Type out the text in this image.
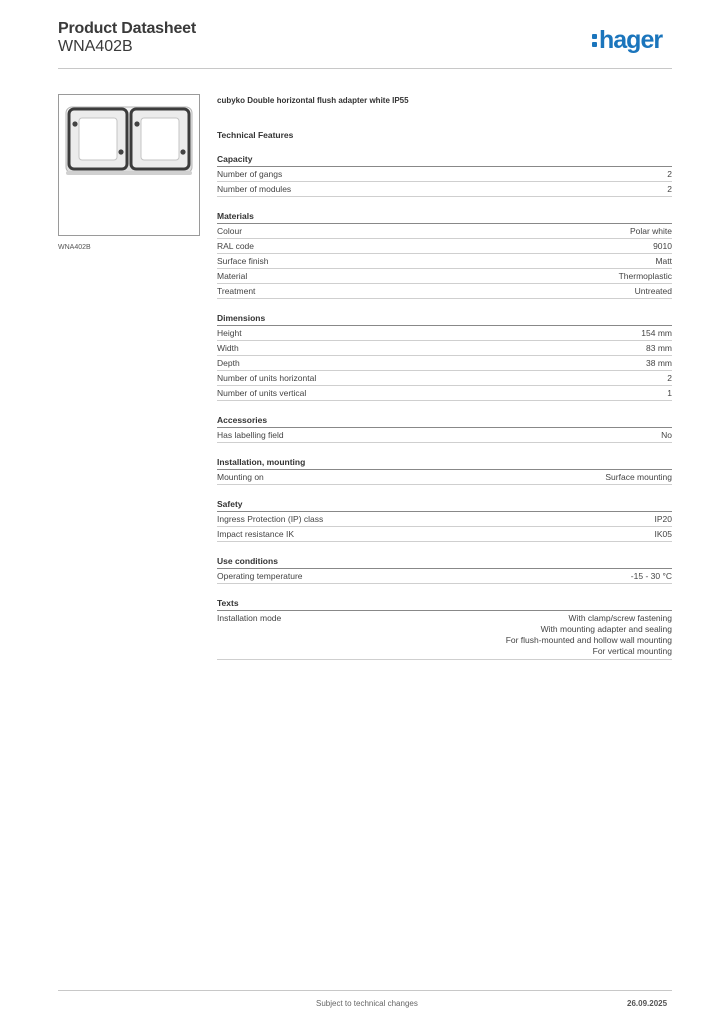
Product Datasheet
WNA402B	hager
WNA402B
cubyko Double horizontal flush adapter white IP55
Technical Features
Capacity
Number of gangs	2
Number of modules	2
Materials
Colour	Polar white
RAL code	9010
Surface finish	Matt
Material	Thermoplastic
Treatment	Untreated
Dimensions
Height	154 mm
Width	83 mm
Depth	38 mm
Number of units horizontal	2
Number of units vertical	1
Accessories
Has labelling field	No
Installation, mounting
Mounting on	Surface mounting
Safety
Ingress Protection (IP) class	IP20
Impact resistance IK	IK05
Use conditions
Operating temperature	-15 - 30 °C
Texts
Installation mode	With clamp/screw fastening
With mounting adapter and sealing
For flush-mounted and hollow wall mounting
For vertical mounting
Subject to technical changes	26.09.2025
